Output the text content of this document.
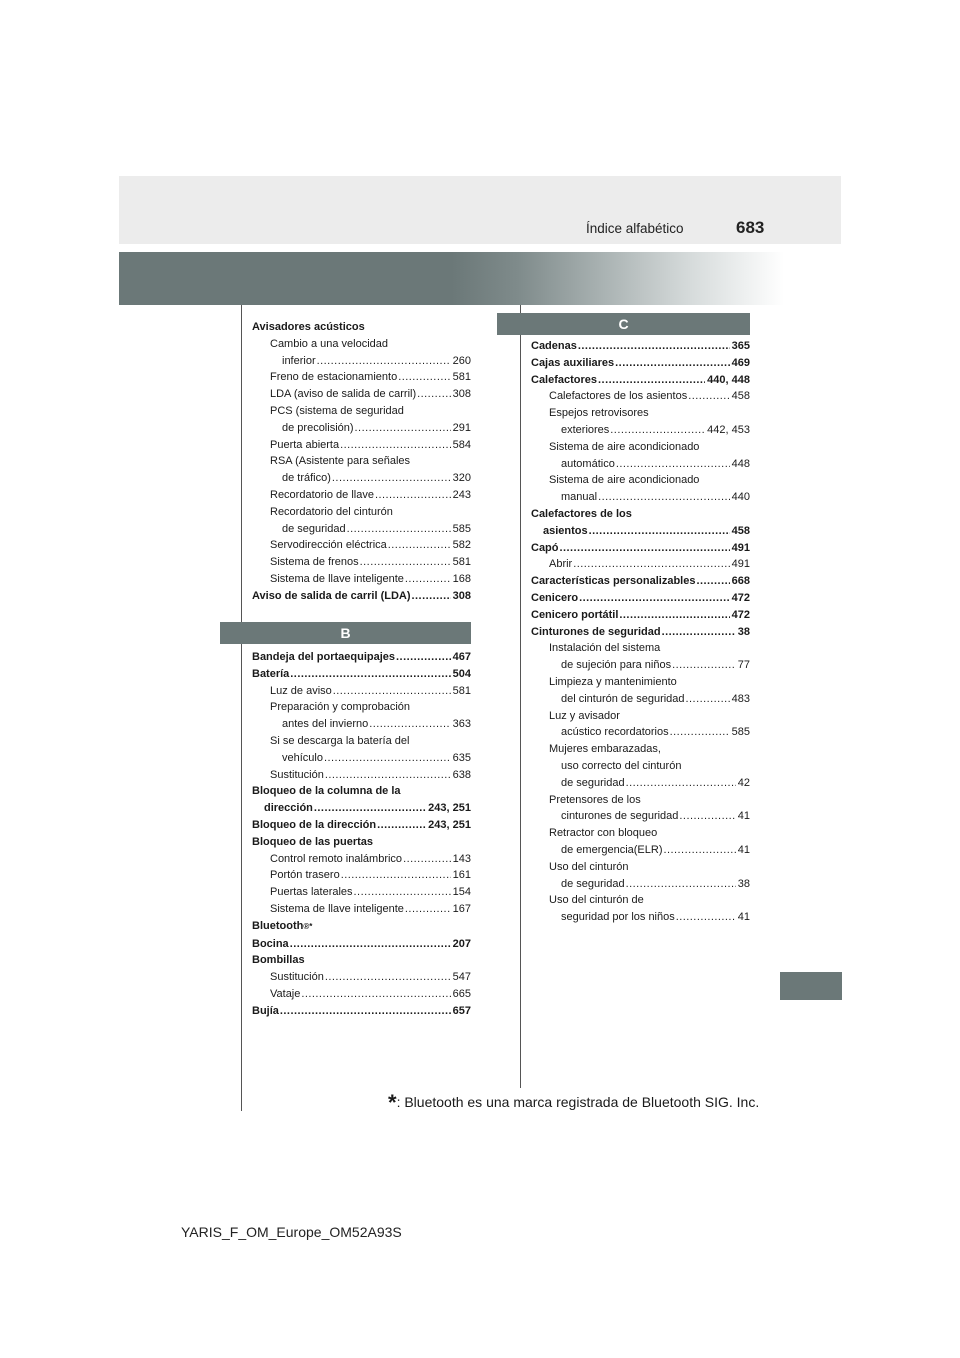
Índice alfabético	683
B
C
Avisadores acústicos
Cambio a una velocidad
inferior . . .	260
Freno de estacionamiento . . .	581
LDA (aviso de salida de carril) . . .	308
PCS (sistema de seguridad
de precolisión) . . .	291
Puerta abierta . . .	584
RSA (Asistente para señales
de tráfico) . . .	320
Recordatorio de llave . . .	243
Recordatorio del cinturón
de seguridad . . .	585
Servodirección eléctrica . . .	582
Sistema de frenos . . .	581
Sistema de llave inteligente . . .	168
Aviso de salida de carril (LDA) . . .	308
Bandeja del portaequipajes . . .	467
Batería . . .	504
Luz de aviso . . .	581
Preparación y comprobación
antes del invierno . . .	363
Si se descarga la batería del
vehículo . . .	635
Sustitución . . .	638
Bloqueo de la columna de la
dirección . . .	243, 251
Bloqueo de la dirección . . .	243, 251
Bloqueo de las puertas
Control remoto inalámbrico . . .	143
Portón trasero . . .	161
Puertas laterales . . .	154
Sistema de llave inteligente . . .	167
Bluetooth ®*
Bocina . . .	207
Bombillas
Sustitución . . .	547
Vataje . . .	665
Bujía . . .	657
Cadenas . . .	365
Cajas auxiliares . . .	469
Calefactores . . .	440, 448
Calefactores de los asientos . . .	458
Espejos retrovisores
exteriores . . .	442, 453
Sistema de aire acondicionado
automático . . .	448
Sistema de aire acondicionado
manual . . .	440
Calefactores de los
asientos . . .	458
Capó . . .	491
Abrir . . .	491
Características personalizables . . .	668
Cenicero . . .	472
Cenicero portátil . . .	472
Cinturones de seguridad . . .	38
Instalación del sistema
de sujeción para niños . . .	77
Limpieza y mantenimiento
del cinturón de seguridad . . .	483
Luz y avisador
acústico recordatorios . . .	585
Mujeres embarazadas,
uso correcto del cinturón
de seguridad . . .	42
Pretensores de los
cinturones de seguridad . . .	41
Retractor con bloqueo
de emergencia(ELR) . . .	41
Uso del cinturón
de seguridad . . .	38
Uso del cinturón de
seguridad por los niños . . .	41
*: Bluetooth es una marca registrada de Bluetooth SIG. Inc.
YARIS_F_OM_Europe_OM52A93S
